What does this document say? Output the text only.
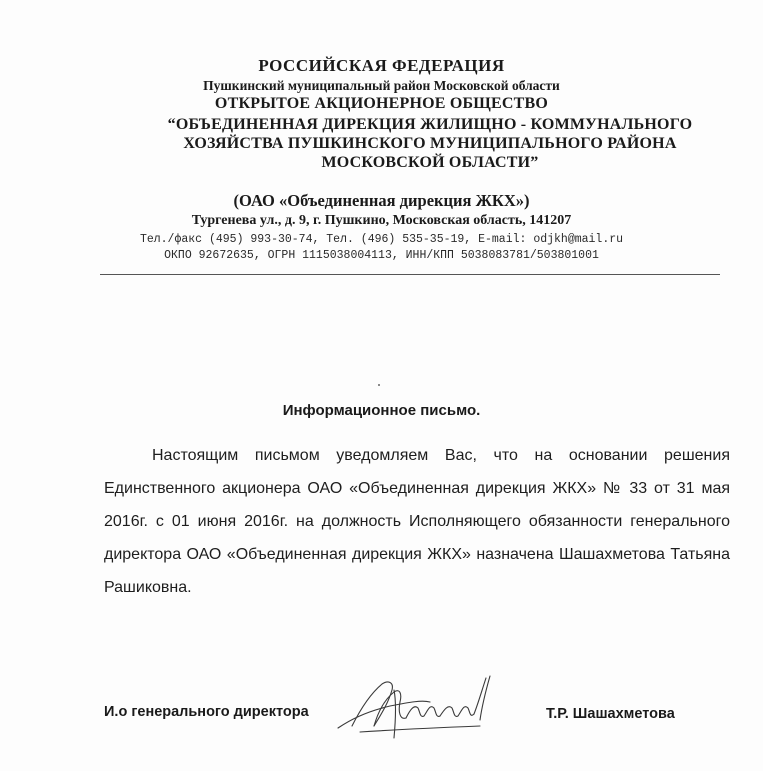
РОССИЙСКАЯ ФЕДЕРАЦИЯ
Пушкинский муниципальный район Московской области
ОТКРЫТОЕ АКЦИОНЕРНОЕ ОБЩЕСТВО
“ОБЪЕДИНЕННАЯ ДИРЕКЦИЯ ЖИЛИЩНО - КОММУНАЛЬНОГО ХОЗЯЙСТВА ПУШКИНСКОГО МУНИЦИПАЛЬНОГО РАЙОНА МОСКОВСКОЙ ОБЛАСТИ”
(ОАО «Объединенная дирекция ЖКХ»)
Тургенева ул., д. 9, г. Пушкино, Московская область, 141207
Тел./факс (495) 993-30-74, Тел. (496) 535-35-19, E-mail: odjkh@mail.ru
ОКПО 92672635, ОГРН 1115038004113, ИНН/КПП 5038083781/503801001
Информационное письмо.
Настоящим письмом уведомляем Вас, что на основании решения Единственного акционера ОАО «Объединенная дирекция ЖКХ» № 33 от 31 мая 2016г. с 01 июня 2016г. на должность Исполняющего обязанности генерального директора ОАО «Объединенная дирекция ЖКХ» назначена Шашахметова Татьяна Рашиковна.
И.о генерального директора	Т.Р. Шашахметова
